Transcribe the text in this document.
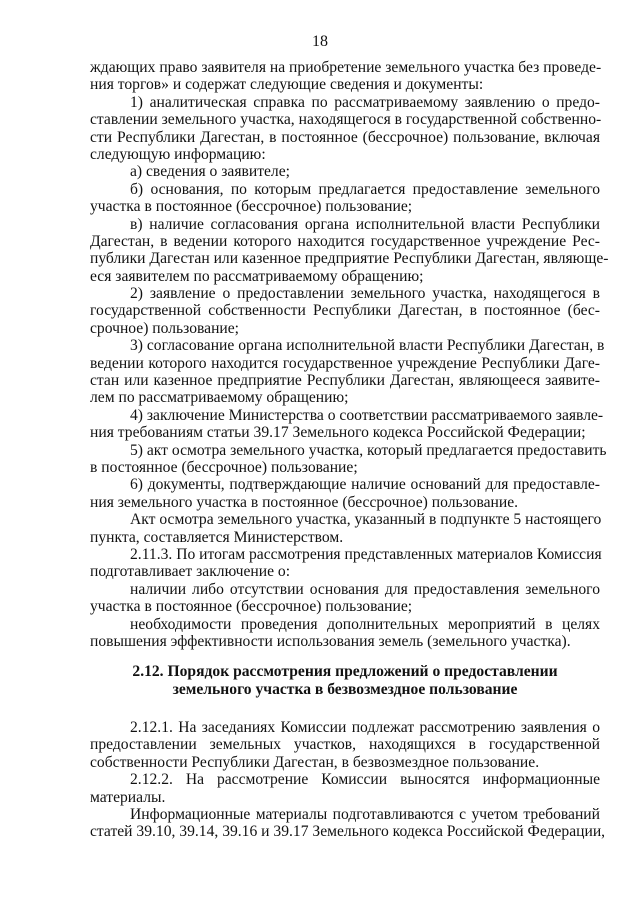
18
ждающих право заявителя на приобретение земельного участка без проведе-
ния торгов» и содержат следующие сведения и документы:
1) аналитическая справка по рассматриваемому заявлению о предо-
ставлении земельного участка, находящегося в государственной собственно-
сти Республики Дагестан, в постоянное (бессрочное) пользование, включая
следующую информацию:
а) сведения о заявителе;
б) основания, по которым предлагается предоставление земельного
участка в постоянное (бессрочное) пользование;
в) наличие согласования органа исполнительной власти Республики
Дагестан, в ведении которого находится государственное учреждение Рес-
публики Дагестан или казенное предприятие Республики Дагестан, являюще-
еся заявителем по рассматриваемому обращению;
2) заявление о предоставлении земельного участка, находящегося в
государственной собственности Республики Дагестан, в постоянное (бес-
срочное) пользование;
3) согласование органа исполнительной власти Республики Дагестан, в
ведении которого находится государственное учреждение Республики Даге-
стан или казенное предприятие Республики Дагестан, являющееся заявите-
лем по рассматриваемому обращению;
4) заключение Министерства о соответствии рассматриваемого заявле-
ния требованиям статьи 39.17 Земельного кодекса Российской Федерации;
5) акт осмотра земельного участка, который предлагается предоставить
в постоянное (бессрочное) пользование;
6) документы, подтверждающие наличие оснований для предоставле-
ния земельного участка в постоянное (бессрочное) пользование.
Акт осмотра земельного участка, указанный в подпункте 5 настоящего
пункта, составляется Министерством.
2.11.3. По итогам рассмотрения представленных материалов Комиссия
подготавливает заключение о:
наличии либо отсутствии основания для предоставления земельного
участка в постоянное (бессрочное) пользование;
необходимости проведения дополнительных мероприятий в целях
повышения эффективности использования земель (земельного участка).
2.12. Порядок рассмотрения предложений о предоставлении
земельного участка в безвозмездное пользование
2.12.1. На заседаниях Комиссии подлежат рассмотрению заявления о
предоставлении земельных участков, находящихся в государственной
собственности Республики Дагестан, в безвозмездное пользование.
2.12.2. На рассмотрение Комиссии выносятся информационные
материалы.
Информационные материалы подготавливаются с учетом требований
статей 39.10, 39.14, 39.16 и 39.17 Земельного кодекса Российской Федерации,
